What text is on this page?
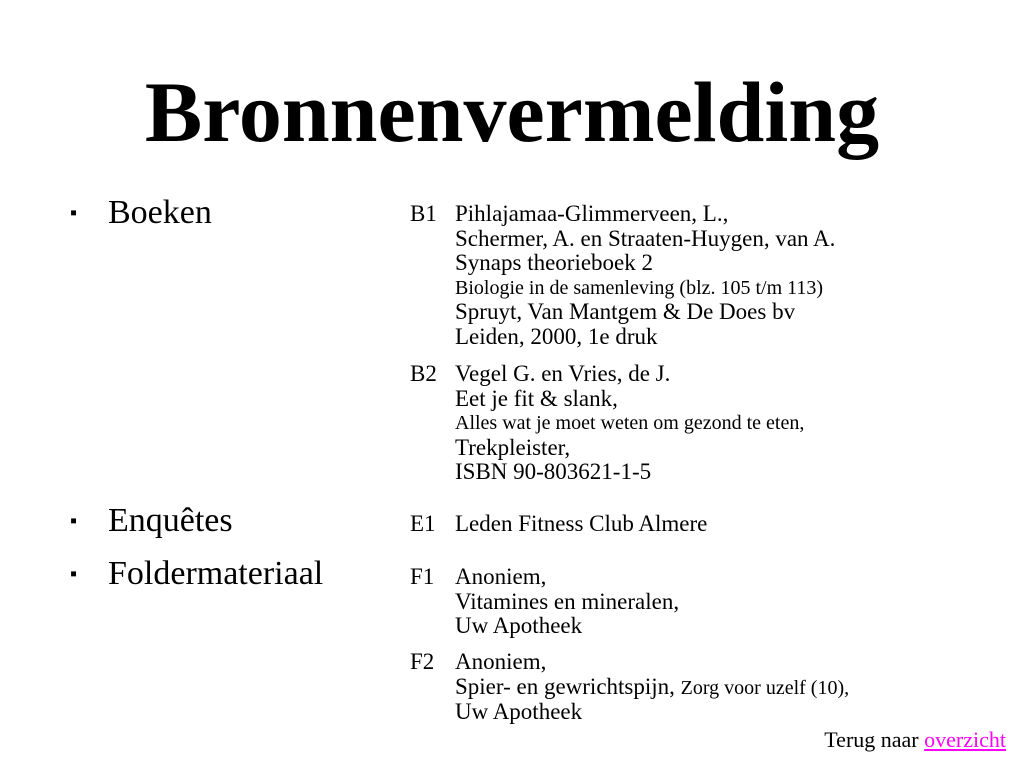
Bronnenvermelding
▪ Boeken
▪ Enquêtes
▪ Foldermateriaal
B1 Pihlajamaa-Glimmerveen, L.,
Schermer, A. en Straaten-Huygen, van A.
Synaps theorieboek 2
Biologie in de samenleving (blz. 105 t/m 113)
Spruyt, Van Mantgem & De Does bv
Leiden, 2000, 1e druk
B2 Vegel G. en Vries, de J.
Eet je fit & slank,
Alles wat je moet weten om gezond te eten,
Trekpleister,
ISBN 90-803621-1-5
E1 Leden Fitness Club Almere
F1 Anoniem,
Vitamines en mineralen,
Uw Apotheek
F2 Anoniem,
Spier- en gewrichtspijn, Zorg voor uzelf (10),
Uw Apotheek
Terug naar overzicht
